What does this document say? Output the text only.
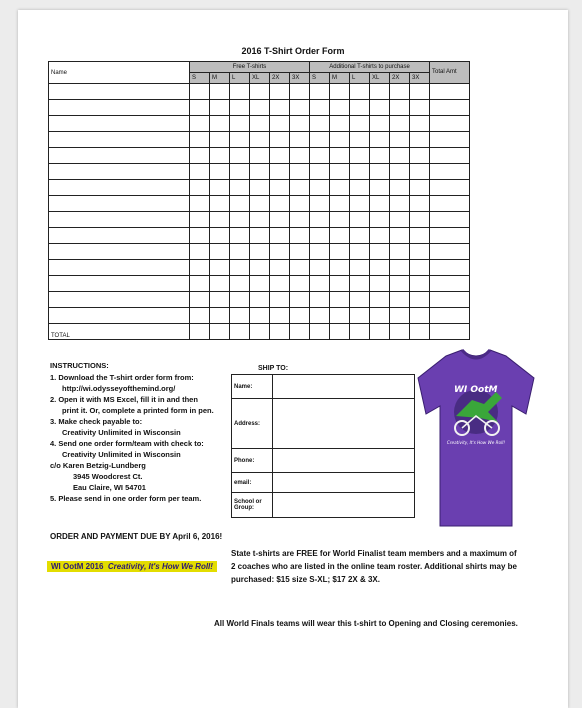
2016 T-Shirt Order Form
Name	Free T-shirts						Additional T-shirts to purchase						Total Amt
	S	M	L	XL	2X	3X	S	M	L	XL	2X	3X	

TOTAL													
INSTRUCTIONS:
1. Download the T-shirt order form from:
http://wi.odysseyofthemind.org/
2. Open it with MS Excel, fill it in and then
print it. Or, complete a printed form in pen.
3. Make check payable to:
Creativity Unlimited in Wisconsin
4. Send one order form/team with check to:
Creativity Unlimited in Wisconsin
c/o Karen Betzig-Lundberg
3945 Woodcrest Ct.
Eau Claire, WI 54701
5. Please send in one order form per team.
ORDER AND PAYMENT DUE BY April 6, 2016!
WI OotM 2016 Creativity, It's How We Roll!
SHIP TO:
Name:	
Address:	
Phone:	
email:	
School or Group:	
WI OotM
Creativity, It's How We Roll!
State t-shirts are FREE for World Finalist team members and a maximum of 2 coaches who are listed in the online team roster. Additional shirts may be purchased: $15 size S-XL; $17 2X & 3X.
All World Finals teams will wear this t-shirt to Opening and Closing ceremonies.
